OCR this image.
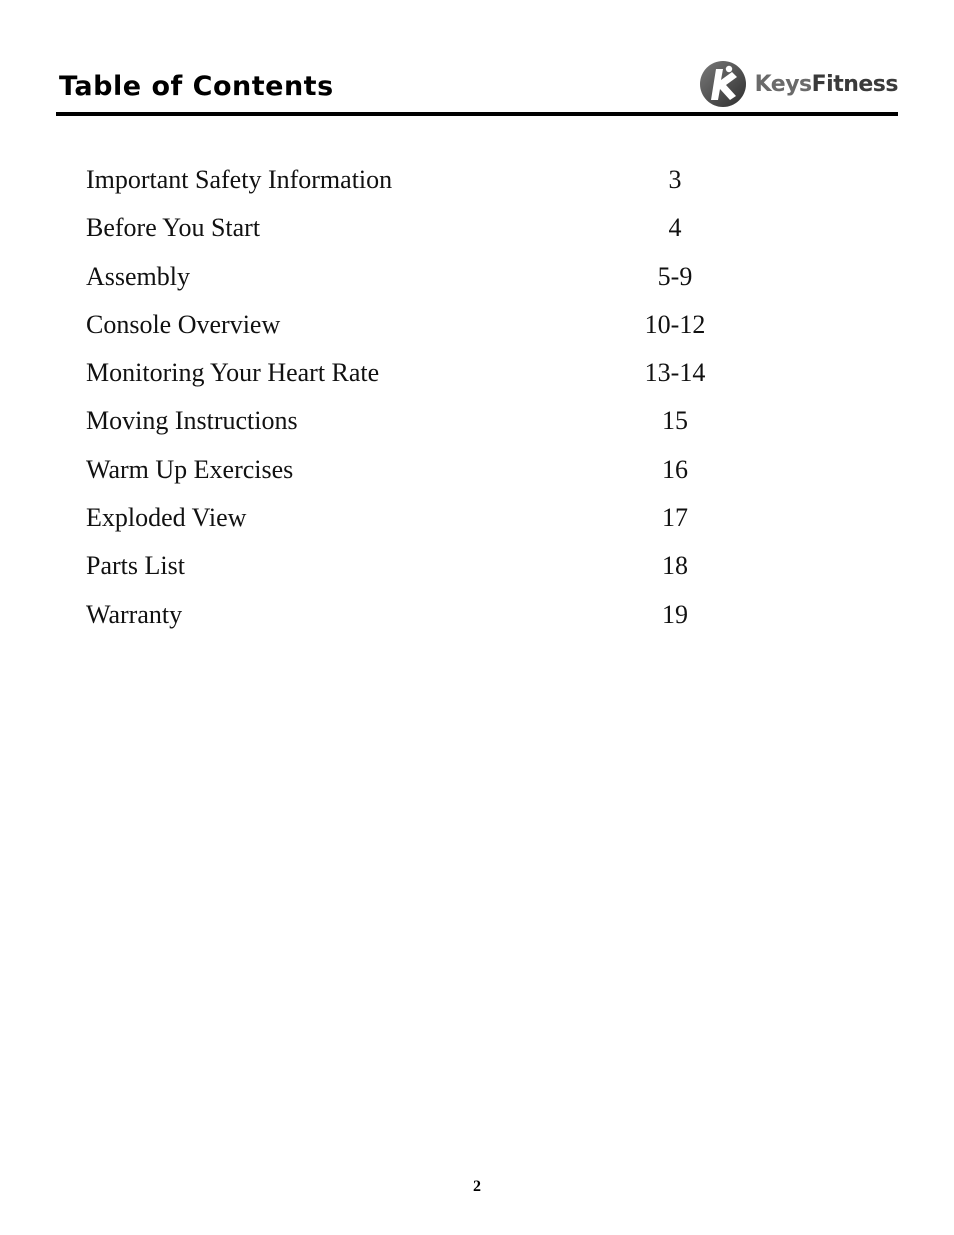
Table of Contents	KeysFitness
Important Safety Information	3
Before You Start	4
Assembly	5-9
Console Overview	10-12
Monitoring Your Heart Rate	13-14
Moving Instructions	15
Warm Up Exercises	16
Exploded View	17
Parts List	18
Warranty	19
2
